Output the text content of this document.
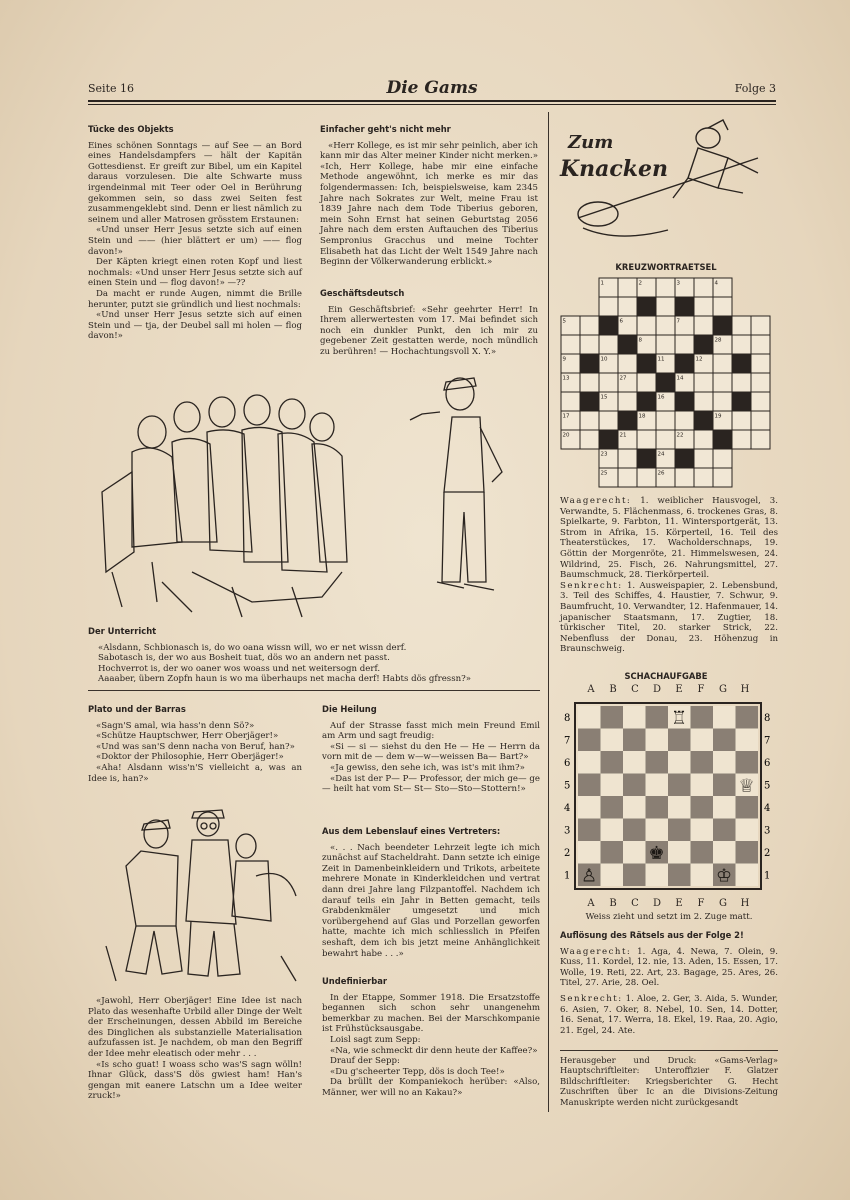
Seite 16	Die Gams	Folge 3
Tücke des Objekts

Eines schönen Sonntags — auf See — an Bord eines Handelsdampfers — hält der Kapitän Gottesdienst. Er greift zur Bibel, um ein Kapitel daraus vorzulesen. Die alte Schwarte muss irgendeinmal mit Teer oder Oel in Berührung gekommen sein, so dass zwei Seiten fest zusammengeklebt sind. Denn er liest nämlich zu seinem und aller Matrosen grösstem Erstaunen:

«Und unser Herr Jesus setzte sich auf einen Stein und —— (hier blättert er um) —— flog davon!»

Der Käpten kriegt einen roten Kopf und liest nochmals: «Und unser Herr Jesus setzte sich auf einen Stein und — flog davon!» —??

Da macht er runde Augen, nimmt die Brille herunter, putzt sie gründlich und liest nochmals:

«Und unser Herr Jesus setzte sich auf einen Stein und — tja, der Deubel sall mi holen — flog davon!»

Einfacher geht's nicht mehr

«Herr Kollege, es ist mir sehr peinlich, aber ich kann mir das Alter meiner Kinder nicht merken.» «Ich, Herr Kollege, habe mir eine einfache Methode angewöhnt, ich merke es mir das folgendermassen: Ich, beispielsweise, kam 2345 Jahre nach Sokrates zur Welt, meine Frau ist 1839 Jahre nach dem Tode Tiberius geboren, mein Sohn Ernst hat seinen Geburtstag 2056 Jahre nach dem ersten Auftauchen des Tiberius Sempronius Gracchus und meine Tochter Elisabeth hat das Licht der Welt 1549 Jahre nach Beginn der Völkerwanderung erblickt.»

Geschäftsdeutsch

Ein Geschäftsbrief: «Sehr geehrter Herr! In Ihrem allerwertesten vom 17. Mai befindet sich noch ein dunkler Punkt, den ich mir zu gegebener Zeit gestatten werde, noch mündlich zu berühren! — Hochachtungsvoll X. Y.»

Der Unterricht

«Alsdann, Schbionasch is, do wo oana wissn will, wo er net wissn derf.

Sabotasch is, der wo aus Bosheit tuat, dös wo an andern net passt.

Hochverrot is, der wo oaner wos woass und net weitersogn derf.

Aaaaber, übern Zopfn haun is wo ma überhaups net macha derf! Habts dös gfressn?»

Plato und der Barras

«Sagn'S amal, wia hass'n denn Sö?»

«Schütze Hauptschwer, Herr Oberjäger!»

«Und was san'S denn nacha von Beruf, han?»

«Doktor der Philosophie, Herr Oberjäger!»

«Aha! Alsdann wiss'n'S vielleicht a, was an Idee is, han?»

«Jawohl, Herr Oberjäger! Eine Idee ist nach Plato das wesenhafte Urbild aller Dinge der Welt der Erscheinungen, dessen Abbild im Bereiche des Dinglichen als substanzielle Materialisation aufzufassen ist. Je nachdem, ob man den Begriff der Idee mehr eleatisch oder mehr . . .

«Is scho guat! I woass scho was'S sagn wölln! Ihnar Glück, dass'S dös gwiest ham! Han's gengan mit eanere Latschn um a Idee weiter zruck!»

Die Heilung

Auf der Strasse fasst mich mein Freund Emil am Arm und sagt freudig:

«Si — si — siehst du den He — He — Herrn da vorn mit de — dem w—w—weissen Ba— Bart?»

«Ja gewiss, den sehe ich, was ist's mit ihm?»

«Das ist der P— P— Professor, der mich ge— ge— heilt hat vom St— St— Sto—Sto—Stottern!»

Aus dem Lebenslauf eines Vertreters:

«. . . Nach beendeter Lehrzeit legte ich mich zunächst auf Stacheldraht. Dann setzte ich einige Zeit in Damenbeinkleidern und Trikots, arbeitete mehrere Monate in Kinderkleidchen und vertrat dann drei Jahre lang Filzpantoffel. Nachdem ich darauf teils ein Jahr in Betten gemacht, teils Grabdenkmäler umgesetzt und mich vorübergehend auf Glas und Porzellan geworfen hatte, machte ich mich schliesslich in Pfeifen seshaft, dem ich bis jetzt meine Anhänglichkeit bewahrt habe . . .»

Undefinierbar

In der Etappe, Sommer 1918. Die Ersatzstoffe begannen sich schon sehr unangenehm bemerkbar zu machen. Bei der Marschkompanie ist Frühstücksausgabe.

Loisl sagt zum Sepp:

«Na, wie schmeckt dir denn heute der Kaffee?»

Drauf der Sepp:

«Du g'scheerter Tepp, dös is doch Tee!»

Da brüllt der Kompaniekoch herüber: «Also, Männer, wer will no an Kakau?»

Zum
Knacken
KREUZWORTRAETSEL
1	2	3	4
5	6	7
8
9	10	11	12
13	14
15	16
17	18	19
20	21	22
23	24
25	26
27
28

Waagerecht: 1. weiblicher Hausvogel, 3. Verwandte, 5. Flächenmass, 6. trockenes Gras, 8. Spielkarte, 9. Farbton, 11. Wintersportgerät, 13. Strom in Afrika, 15. Körperteil, 16. Teil des Theaterstückes, 17. Wacholderschnaps, 19. Göttin der Morgenröte, 21. Himmelswesen, 24. Wildrind, 25. Fisch, 26. Nahrungsmittel, 27. Baumschmuck, 28. Tierkörperteil.

Senkrecht: 1. Ausweispapier, 2. Lebensbund, 3. Teil des Schiffes, 4. Haustier, 7. Schwur, 9. Baumfrucht, 10. Verwandter, 12. Hafenmauer, 14. japanischer Staatsmann, 17. Zugtier, 18. türkischer Titel, 20. starker Strick, 22. Nebenfluss der Donau, 23. Höhenzug in Braunschweig.

SCHACHAUFGABE
A B C D E F G H
8	8
7	7
6	6
5	5
4	4
3	3
2	2
1	1
♖
♕
♚
♙	♔
A B C D E F G H
Weiss zieht und setzt im 2. Zuge matt.
Auflösung des Rätsels aus der Folge 2!

Waagerecht: 1. Aga, 4. Newa, 7. Olein, 9. Kuss, 11. Kordel, 12. nie, 13. Aden, 15. Essen, 17. Wolle, 19. Reti, 22. Art, 23. Bagage, 25. Ares, 26. Titel, 27. Arie, 28. Oel.

Senkrecht: 1. Aloe, 2. Ger, 3. Aida, 5. Wunder, 6. Asien, 7. Oker, 8. Nebel, 10. Sen, 14. Dotter, 16. Senat, 17. Werra, 18. Ekel, 19. Raa, 20. Agio, 21. Egel, 24. Ate.

Herausgeber und Druck: «Gams-Verlag» Hauptschriftleiter: Unteroffizier F. Glatzer Bildschriftleiter: Kriegsberichter G. Hecht Zuschriften über Ic an die Divisions-Zeitung Manuskripte werden nicht zurückgesandt
